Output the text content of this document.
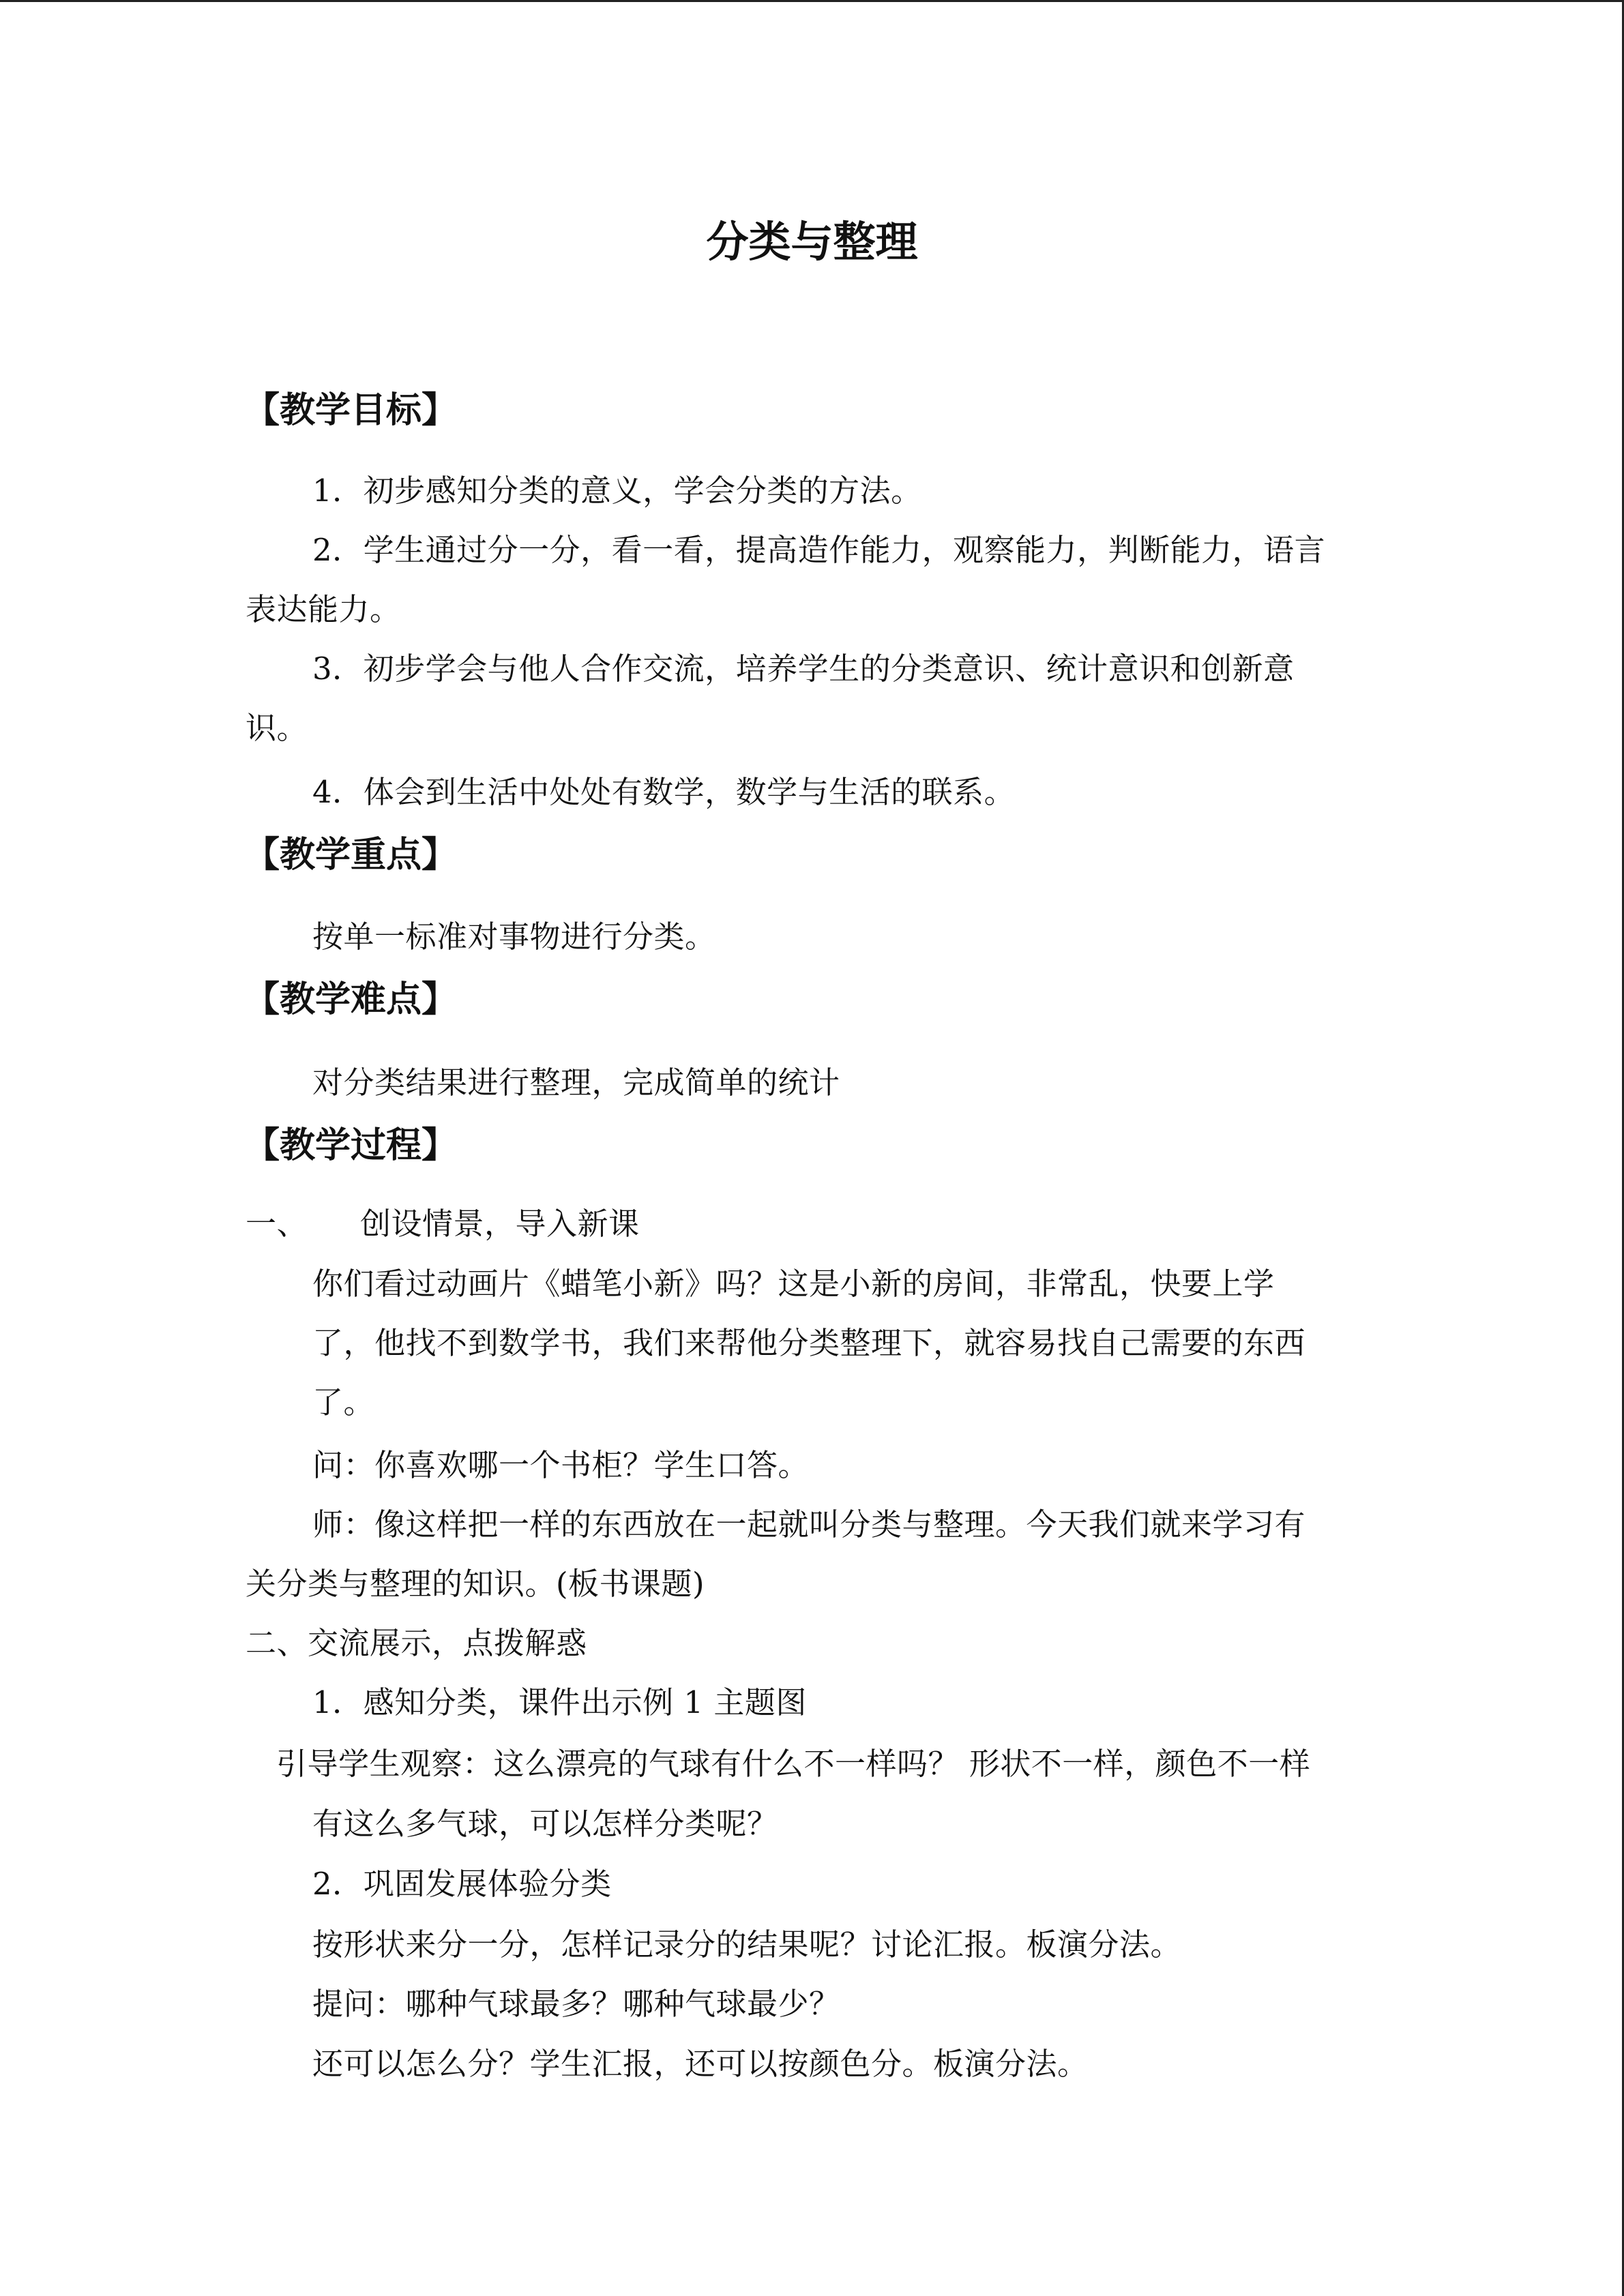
分类与整理
【教学目标】
1．初步感知分类的意义，学会分类的方法。
2．学生通过分一分，看一看，提高造作能力，观察能力，判断能力，语言
表达能力。
3．初步学会与他人合作交流，培养学生的分类意识、统计意识和创新意
识。
4．体会到生活中处处有数学，数学与生活的联系。
【教学重点】
按单一标准对事物进行分类。
【教学难点】
对分类结果进行整理，完成简单的统计
【教学过程】
一、 创设情景，导入新课
你们看过动画片《蜡笔小新》吗？这是小新的房间，非常乱，快要上学
了，他找不到数学书，我们来帮他分类整理下，就容易找自己需要的东西
了。
问：你喜欢哪一个书柜？学生口答。
师：像这样把一样的东西放在一起就叫分类与整理。今天我们就来学习有
关分类与整理的知识。(板书课题)
二、交流展示，点拨解惑
1．感知分类，课件出示例 1 主题图
引导学生观察：这么漂亮的气球有什么不一样吗？ 形状不一样，颜色不一样
有这么多气球，可以怎样分类呢？
2．巩固发展体验分类
按形状来分一分，怎样记录分的结果呢？讨论汇报。板演分法。
提问：哪种气球最多？哪种气球最少？
还可以怎么分？学生汇报，还可以按颜色分。板演分法。
